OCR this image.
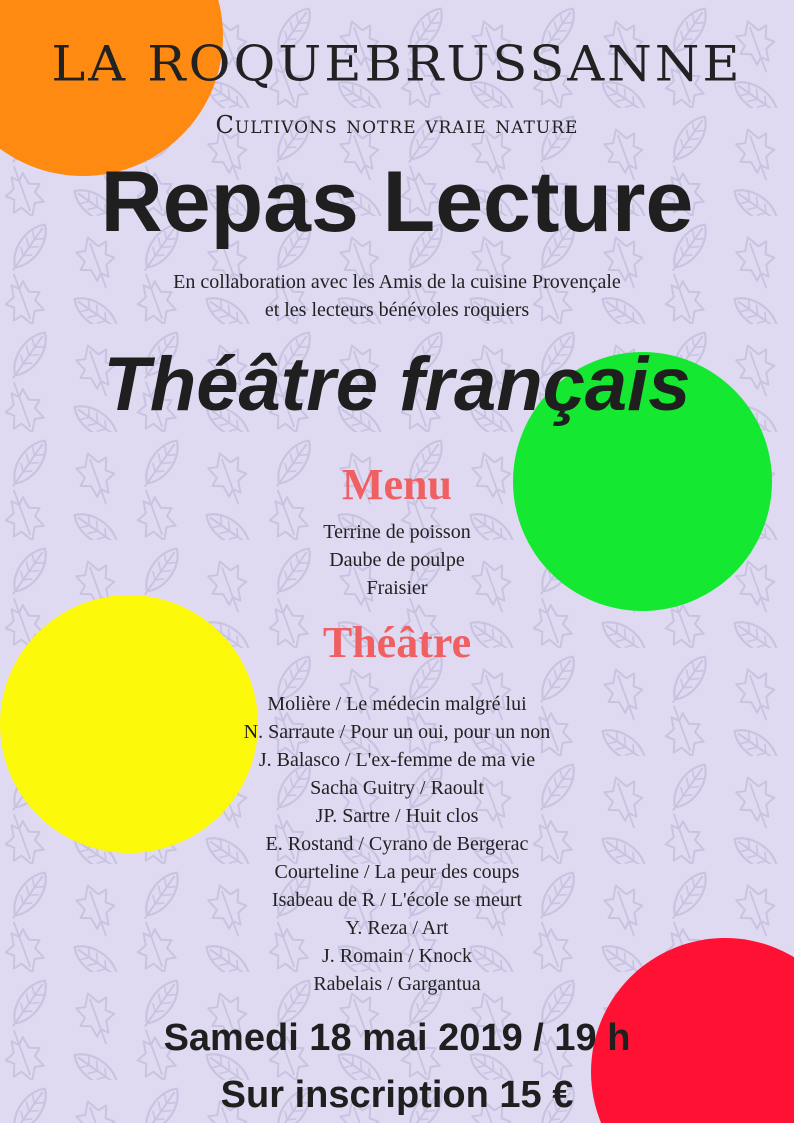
LA ROQUEBRUSSANNE

Cultivons notre vraie nature

Repas Lecture
En collaboration avec les Amis de la cuisine Provençale
et les lecteurs bénévoles roquiers
Théâtre français
Menu
Terrine de poisson
Daube de poulpe
Fraisier
Théâtre
Molière / Le médecin malgré lui
N. Sarraute / Pour un oui, pour un non
J. Balasco / L'ex-femme de ma vie
Sacha Guitry / Raoult
JP. Sartre / Huit clos
E. Rostand / Cyrano de Bergerac
Courteline / La peur des coups
Isabeau de R / L'école se meurt
Y. Reza / Art
J. Romain / Knock
Rabelais / Gargantua

Samedi 18 mai 2019 / 19 h

Sur inscription 15 €
